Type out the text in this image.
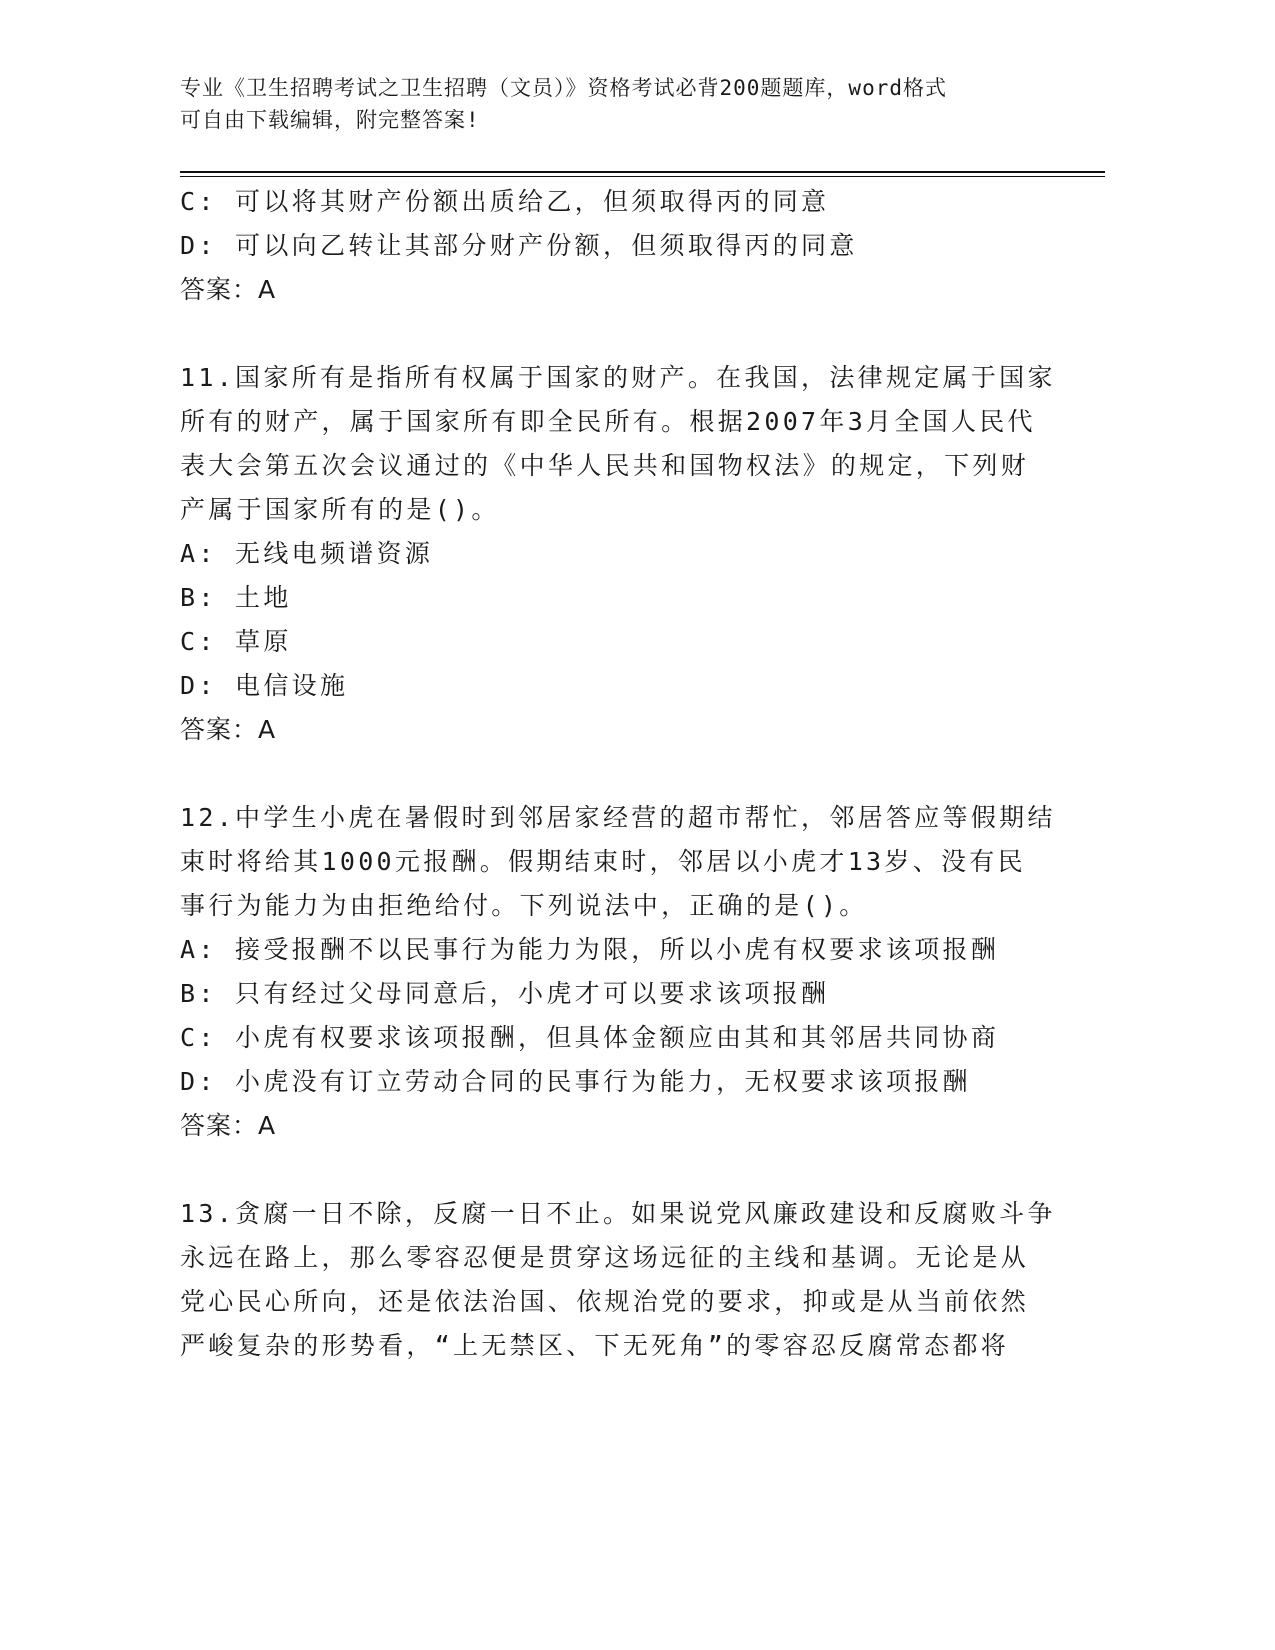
专业《卫生招聘考试之卫生招聘（文员）》资格考试必背200题题库，word格式
可自由下载编辑，附完整答案!

C: 可以将其财产份额出质给乙，但须取得丙的同意

D: 可以向乙转让其部分财产份额，但须取得丙的同意

答案：A

11.国家所有是指所有权属于国家的财产。在我国，法律规定属于国家

所有的财产，属于国家所有即全民所有。根据2007年3月全国人民代

表大会第五次会议通过的《中华人民共和国物权法》的规定，下列财

产属于国家所有的是()。

A: 无线电频谱资源

B: 土地

C: 草原

D: 电信设施

答案：A

12.中学生小虎在暑假时到邻居家经营的超市帮忙，邻居答应等假期结

束时将给其1000元报酬。假期结束时，邻居以小虎才13岁、没有民

事行为能力为由拒绝给付。下列说法中，正确的是()。

A: 接受报酬不以民事行为能力为限，所以小虎有权要求该项报酬

B: 只有经过父母同意后，小虎才可以要求该项报酬

C: 小虎有权要求该项报酬，但具体金额应由其和其邻居共同协商

D: 小虎没有订立劳动合同的民事行为能力，无权要求该项报酬

答案：A

13.贪腐一日不除，反腐一日不止。如果说党风廉政建设和反腐败斗争

永远在路上，那么零容忍便是贯穿这场远征的主线和基调。无论是从

党心民心所向，还是依法治国、依规治党的要求，抑或是从当前依然

严峻复杂的形势看，“上无禁区、下无死角”的零容忍反腐常态都将
